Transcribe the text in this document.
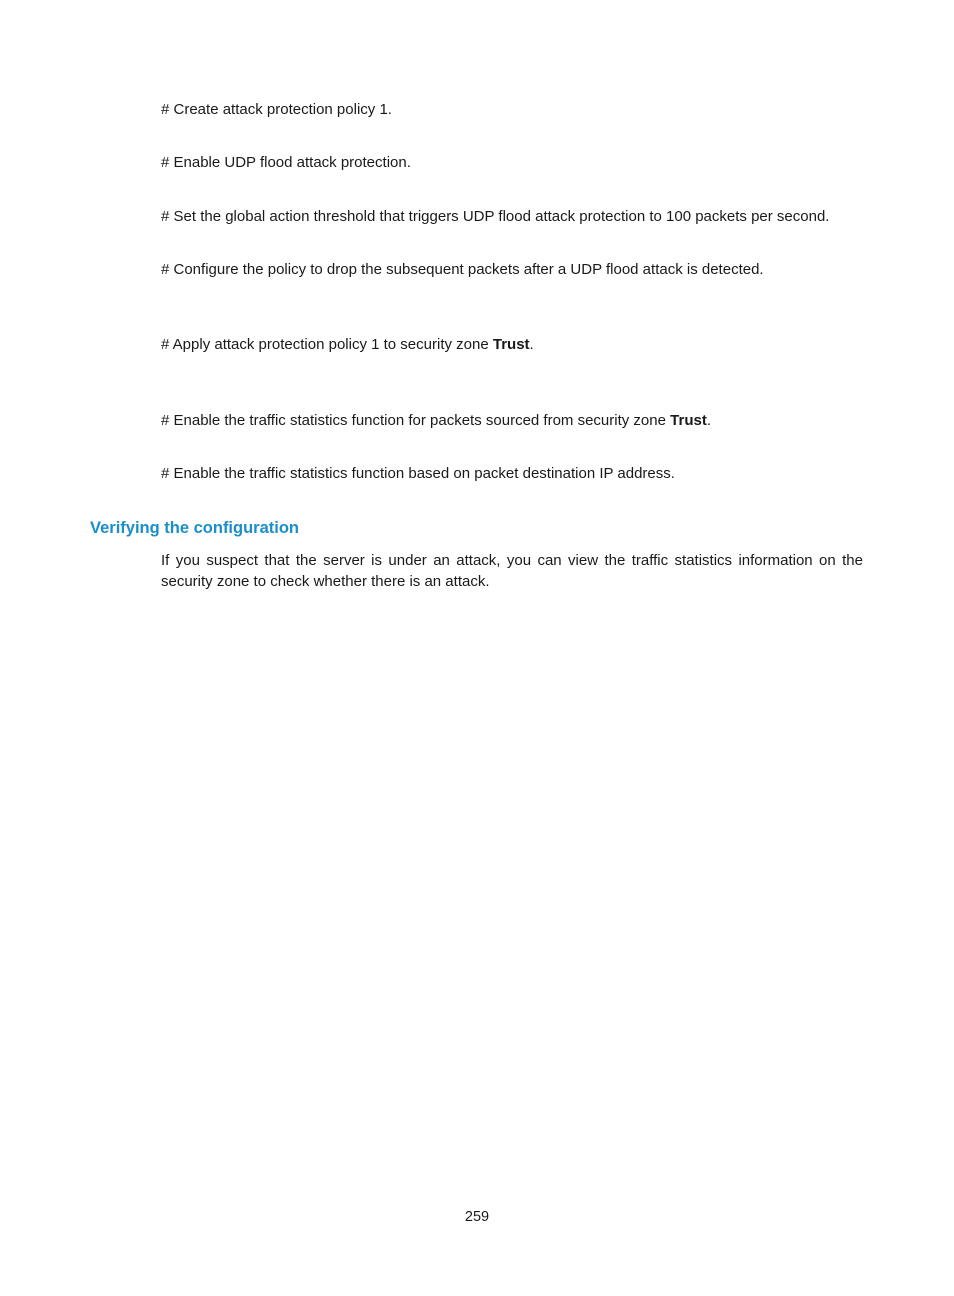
# Create attack protection policy 1.
# Enable UDP flood attack protection.
# Set the global action threshold that triggers UDP flood attack protection to 100 packets per second.
# Configure the policy to drop the subsequent packets after a UDP flood attack is detected.
# Apply attack protection policy 1 to security zone Trust.
# Enable the traffic statistics function for packets sourced from security zone Trust.
# Enable the traffic statistics function based on packet destination IP address.
Verifying the configuration
If you suspect that the server is under an attack, you can view the traffic statistics information on the security zone to check whether there is an attack.
259
